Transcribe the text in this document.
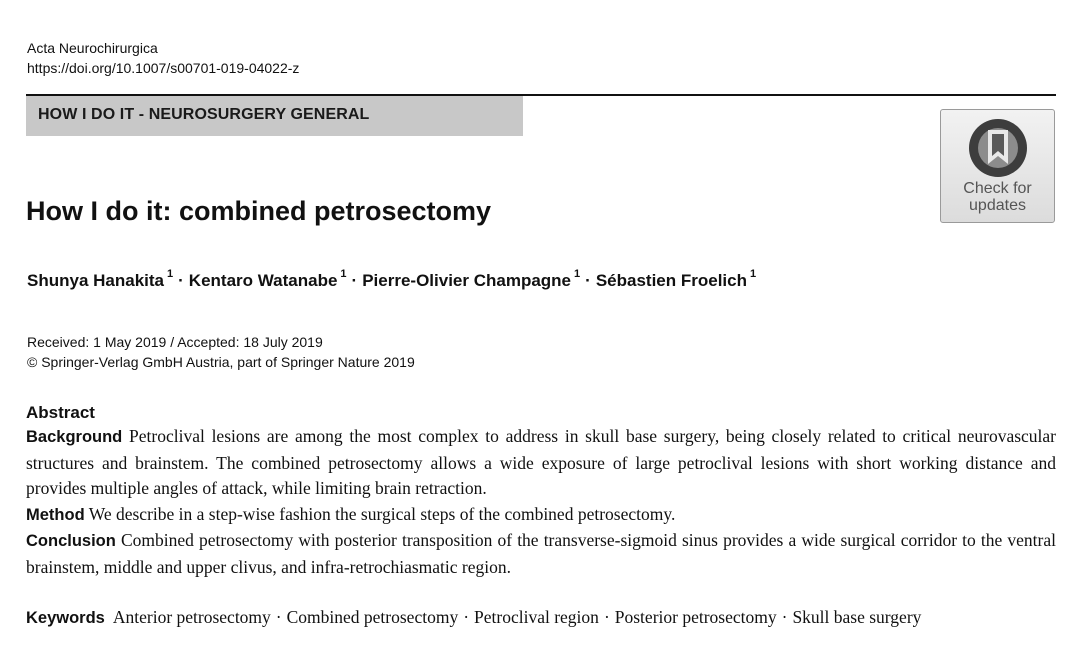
Acta Neurochirurgica
https://doi.org/10.1007/s00701-019-04022-z
HOW I DO IT - NEUROSURGERY GENERAL
Check for
updates
How I do it: combined petrosectomy
Shunya Hanakita $^1$ · Kentaro Watanabe $^1$ · Pierre-Olivier Champagne $^1$ · Sébastien Froelich $^1$
Received: 1 May 2019 / Accepted: 18 July 2019
© Springer-Verlag GmbH Austria, part of Springer Nature 2019
Abstract

Background Petroclival lesions are among the most complex to address in skull base surgery, being closely related to critical neurovascular structures and brainstem. The combined petrosectomy allows a wide exposure of large petroclival lesions with short working distance and provides multiple angles of attack, while limiting brain retraction.

Method We describe in a step-wise fashion the surgical steps of the combined petrosectomy.

Conclusion Combined petrosectomy with posterior transposition of the transverse-sigmoid sinus provides a wide surgical corridor to the ventral brainstem, middle and upper clivus, and infra-retrochiasmatic region.

Keywords Anterior petrosectomy · Combined petrosectomy · Petroclival region · Posterior petrosectomy · Skull base surgery
